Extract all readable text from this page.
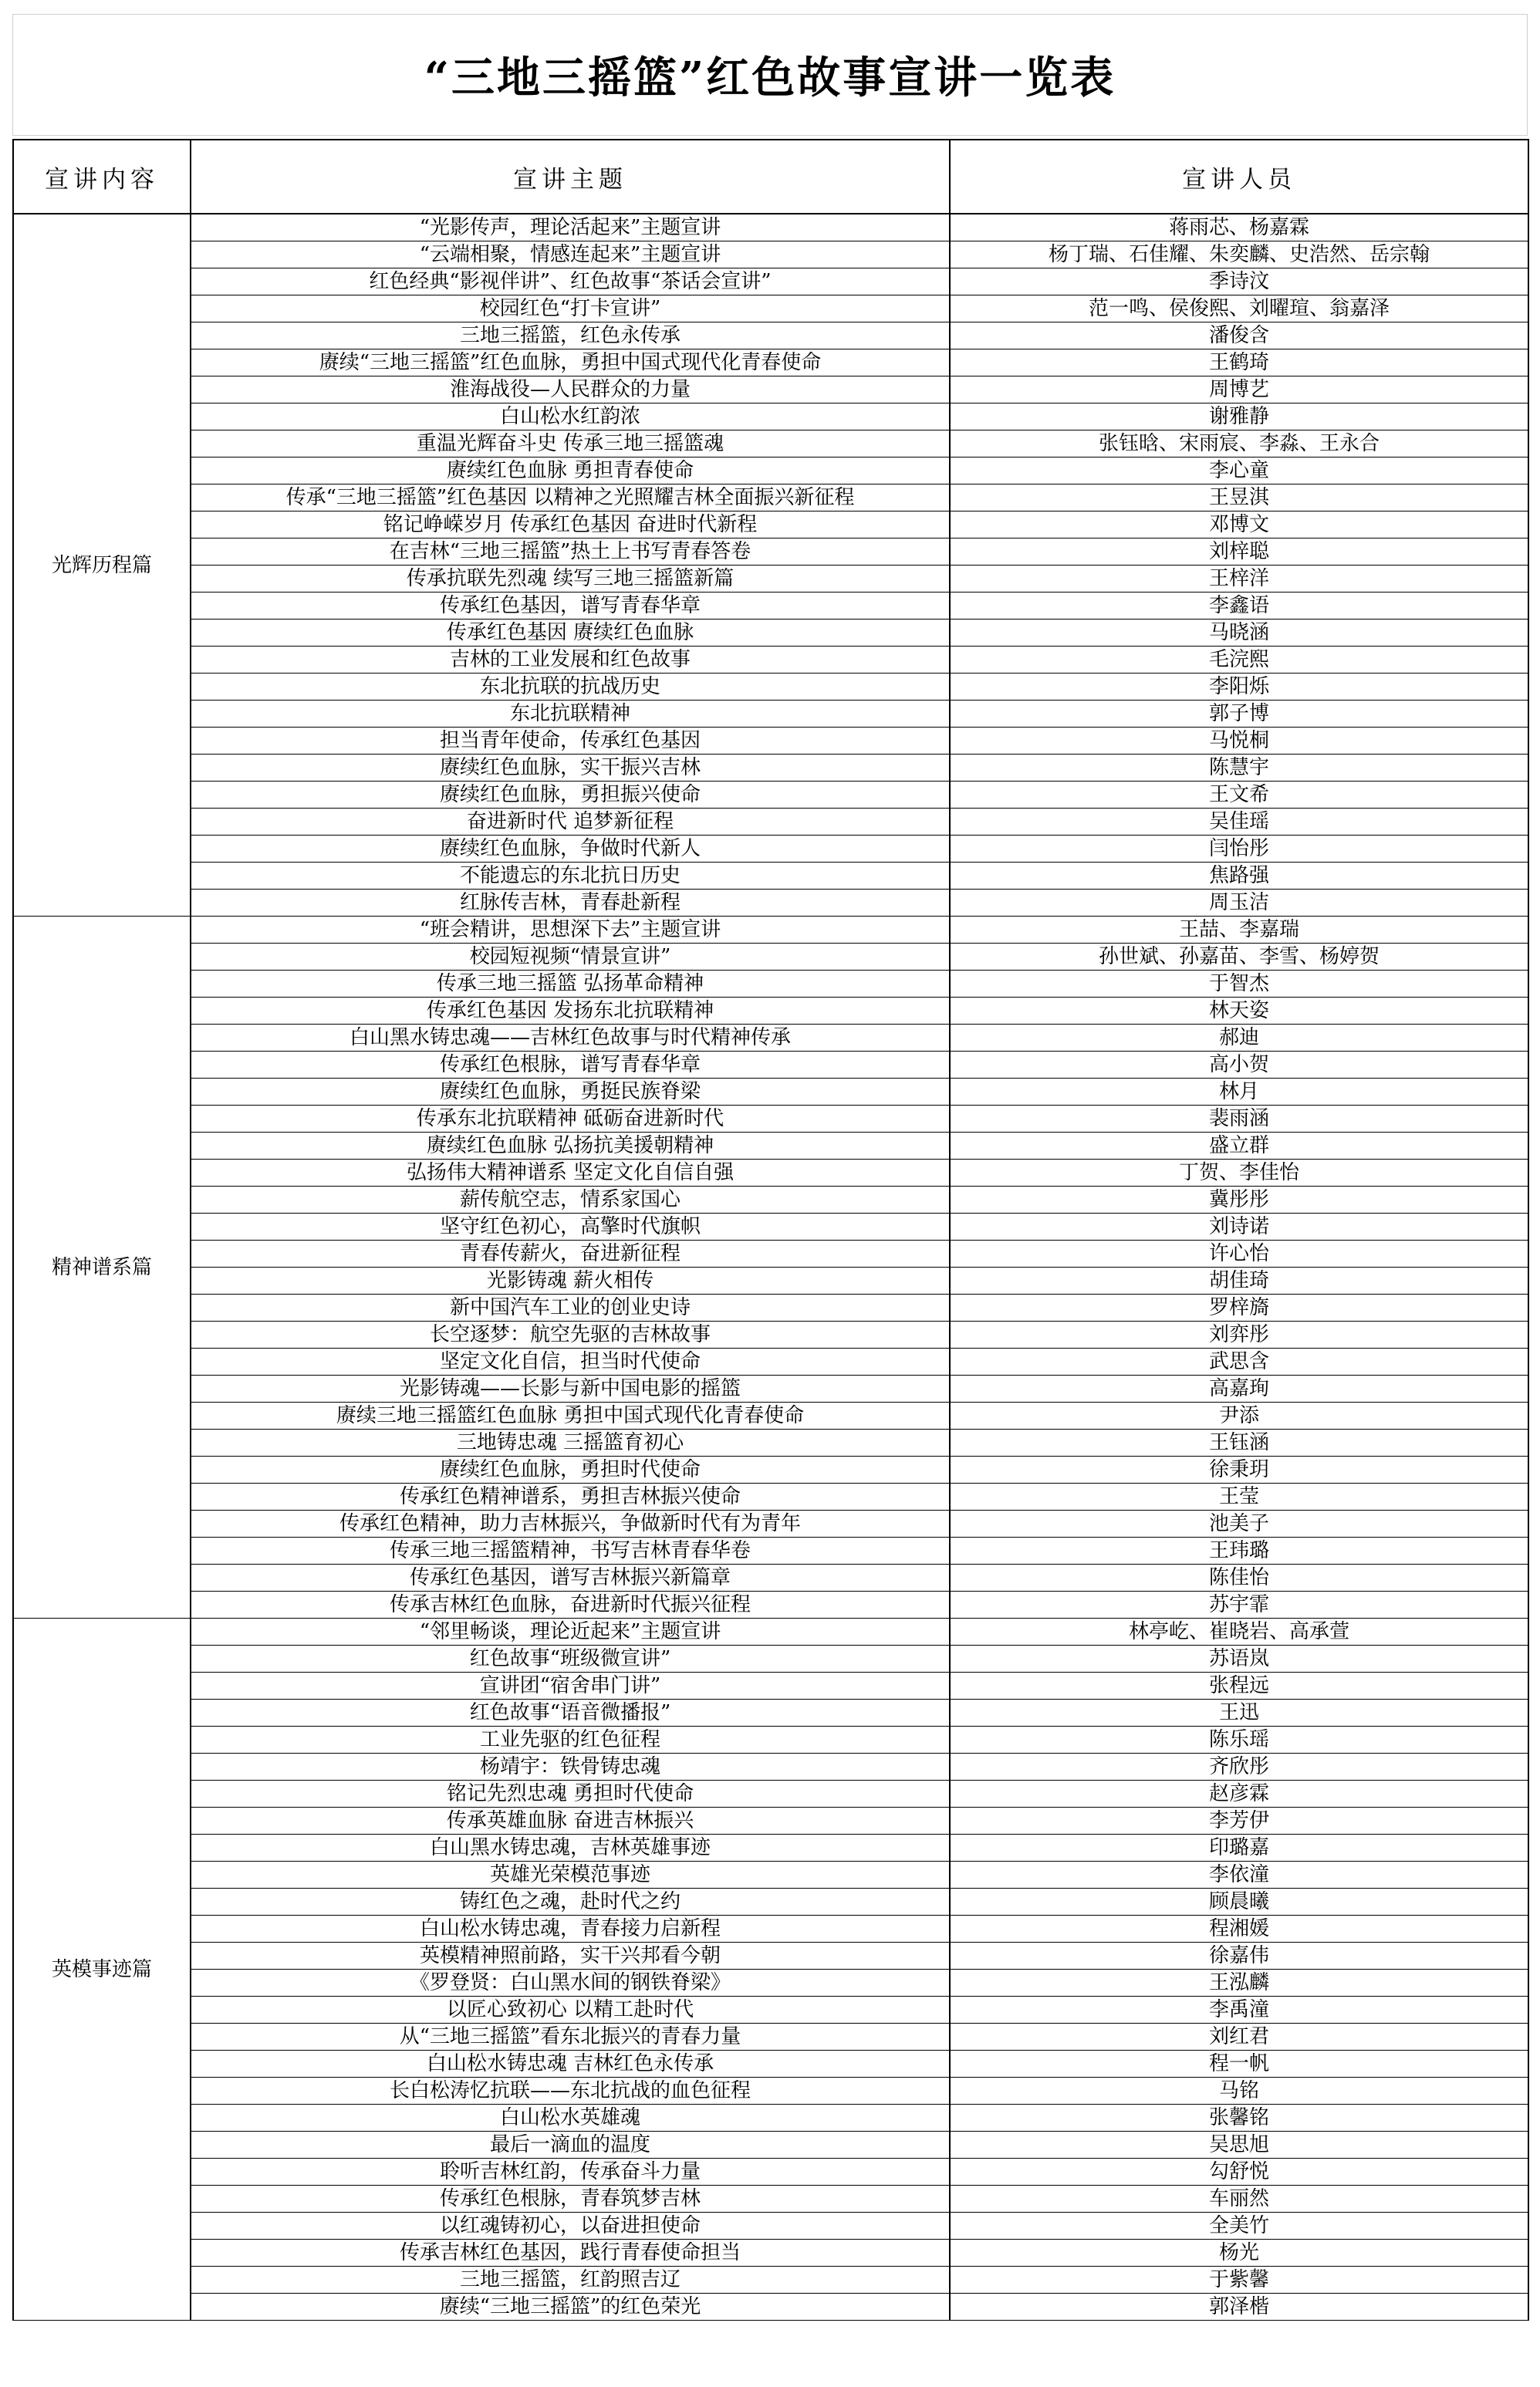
“三地三摇篮”红色故事宣讲一览表
宣讲内容	宣讲主题	宣讲人员
光辉历程篇	“光影传声，理论活起来”主题宣讲	蒋雨芯、杨嘉霖
	“云端相聚，情感连起来”主题宣讲	杨丁瑞、石佳耀、朱奕麟、史浩然、岳宗翰
	红色经典“影视伴讲”、红色故事“茶话会宣讲”	季诗汶
	校园红色“打卡宣讲”	范一鸣、侯俊熙、刘曜瑄、翁嘉泽
	三地三摇篮，红色永传承	潘俊含
	赓续“三地三摇篮”红色血脉，勇担中国式现代化青春使命	王鹤琦
	淮海战役—人民群众的力量	周博艺
	白山松水红韵浓	谢雅静
	重温光辉奋斗史 传承三地三摇篮魂	张钰晗、宋雨宸、李淼、王永合
	赓续红色血脉 勇担青春使命	李心童
	传承“三地三摇篮”红色基因 以精神之光照耀吉林全面振兴新征程	王昱淇
	铭记峥嵘岁月 传承红色基因 奋进时代新程	邓博文
	在吉林“三地三摇篮”热土上书写青春答卷	刘梓聪
	传承抗联先烈魂 续写三地三摇篮新篇	王梓洋
	传承红色基因，谱写青春华章	李鑫语
	传承红色基因 赓续红色血脉	马晓涵
	吉林的工业发展和红色故事	毛浣熙
	东北抗联的抗战历史	李阳烁
	东北抗联精神	郭子博
	担当青年使命，传承红色基因	马悦桐
	赓续红色血脉，实干振兴吉林	陈慧宇
	赓续红色血脉，勇担振兴使命	王文希
	奋进新时代 追梦新征程	吴佳瑶
	赓续红色血脉，争做时代新人	闫怡彤
	不能遗忘的东北抗日历史	焦路强
	红脉传吉林，青春赴新程	周玉洁
精神谱系篇	“班会精讲，思想深下去”主题宣讲	王喆、李嘉瑞
	校园短视频“情景宣讲”	孙世斌、孙嘉苗、李雪、杨婷贺
	传承三地三摇篮 弘扬革命精神	于智杰
	传承红色基因 发扬东北抗联精神	林天姿
	白山黑水铸忠魂——吉林红色故事与时代精神传承	郝迪
	传承红色根脉，谱写青春华章	高小贺
	赓续红色血脉，勇挺民族脊梁	林月
	传承东北抗联精神 砥砺奋进新时代	裴雨涵
	赓续红色血脉 弘扬抗美援朝精神	盛立群
	弘扬伟大精神谱系 坚定文化自信自强	丁贺、李佳怡
	薪传航空志，情系家国心	冀彤彤
	坚守红色初心，高擎时代旗帜	刘诗诺
	青春传薪火，奋进新征程	许心怡
	光影铸魂 薪火相传	胡佳琦
	新中国汽车工业的创业史诗	罗梓旖
	长空逐梦：航空先驱的吉林故事	刘弈彤
	坚定文化自信，担当时代使命	武思含
	光影铸魂——长影与新中国电影的摇篮	高嘉珣
	赓续三地三摇篮红色血脉 勇担中国式现代化青春使命	尹添
	三地铸忠魂 三摇篮育初心	王钰涵
	赓续红色血脉，勇担时代使命	徐秉玥
	传承红色精神谱系，勇担吉林振兴使命	王莹
	传承红色精神，助力吉林振兴，争做新时代有为青年	池美子
	传承三地三摇篮精神，书写吉林青春华卷	王玮璐
	传承红色基因，谱写吉林振兴新篇章	陈佳怡
	传承吉林红色血脉，奋进新时代振兴征程	苏宇霏
英模事迹篇	“邻里畅谈，理论近起来”主题宣讲	林亭屹、崔晓岩、高承萱
	红色故事“班级微宣讲”	苏语岚
	宣讲团“宿舍串门讲”	张程远
	红色故事“语音微播报”	王迅
	工业先驱的红色征程	陈乐瑶
	杨靖宇：铁骨铸忠魂	齐欣彤
	铭记先烈忠魂 勇担时代使命	赵彦霖
	传承英雄血脉 奋进吉林振兴	李芳伊
	白山黑水铸忠魂，吉林英雄事迹	印璐嘉
	英雄光荣模范事迹	李依潼
	铸红色之魂，赴时代之约	顾晨曦
	白山松水铸忠魂，青春接力启新程	程湘媛
	英模精神照前路，实干兴邦看今朝	徐嘉伟
	《罗登贤：白山黑水间的钢铁脊梁》	王泓麟
	以匠心致初心 以精工赴时代	李禹潼
	从“三地三摇篮”看东北振兴的青春力量	刘红君
	白山松水铸忠魂 吉林红色永传承	程一帆
	长白松涛忆抗联——东北抗战的血色征程	马铭
	白山松水英雄魂	张馨铭
	最后一滴血的温度	吴思旭
	聆听吉林红韵，传承奋斗力量	勾舒悦
	传承红色根脉，青春筑梦吉林	车丽然
	以红魂铸初心，以奋进担使命	全美竹
	传承吉林红色基因，践行青春使命担当	杨光
	三地三摇篮，红韵照吉辽	于紫馨
	赓续“三地三摇篮”的红色荣光	郭泽楷
